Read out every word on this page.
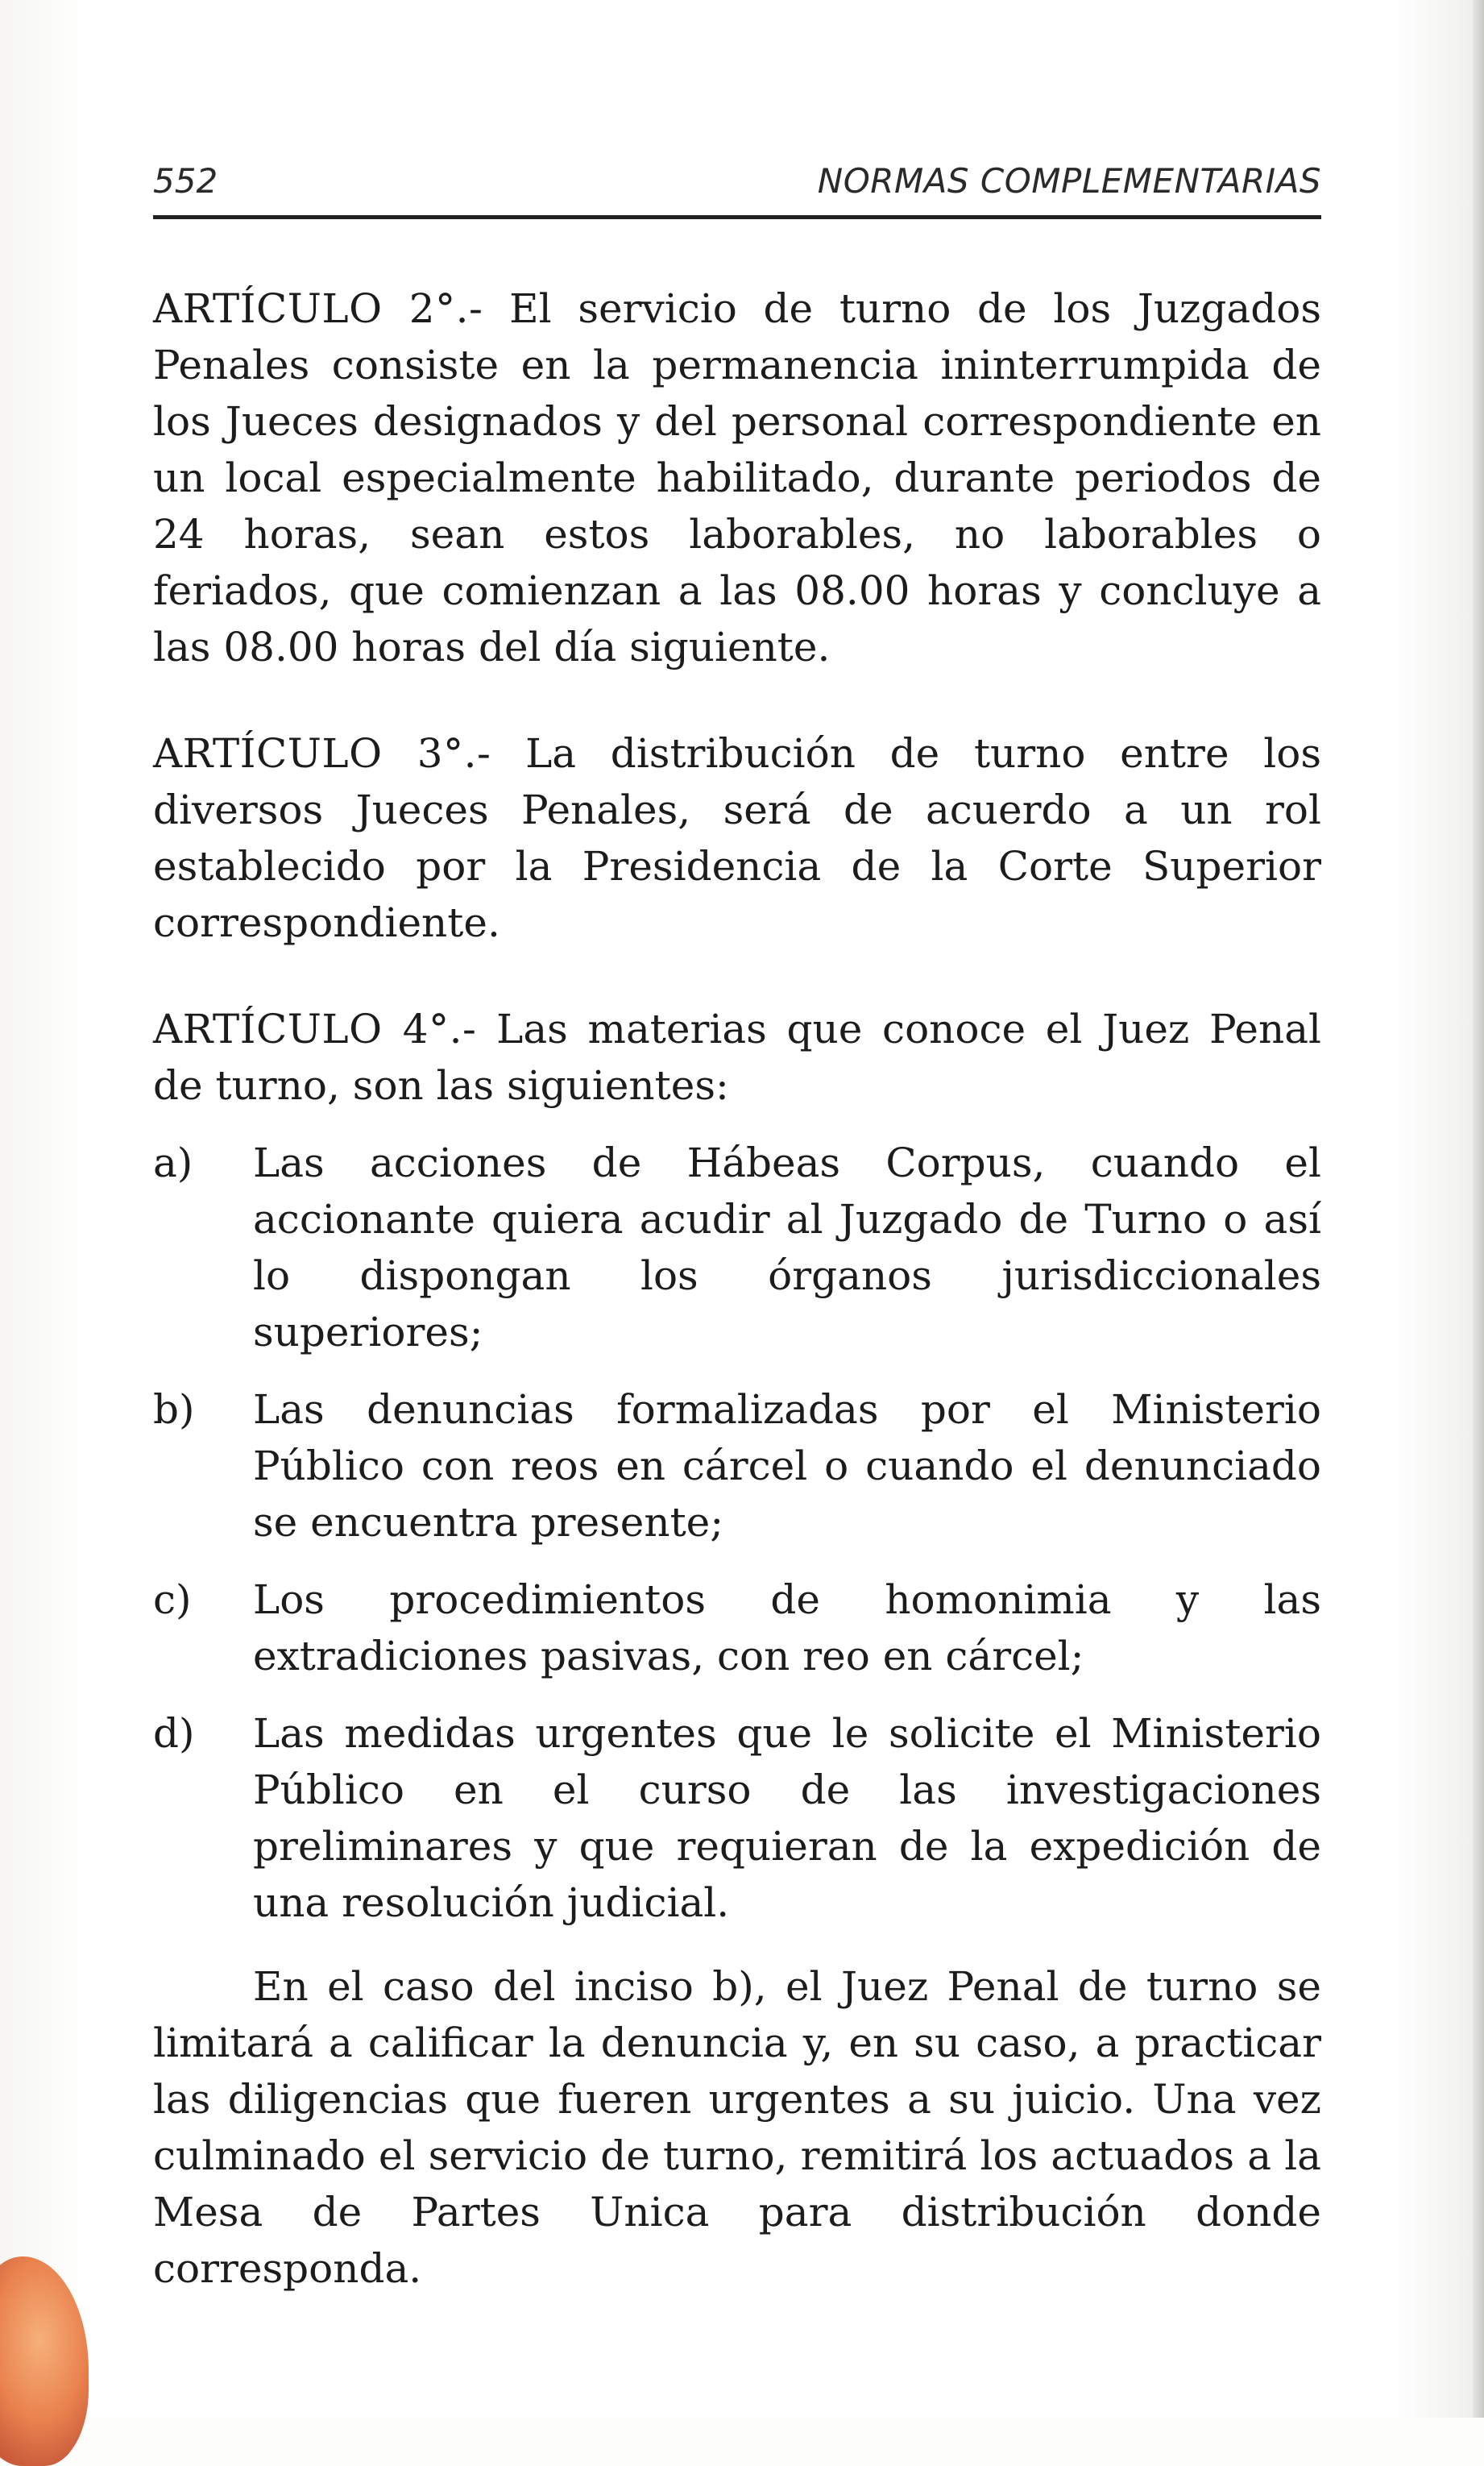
552	NORMAS COMPLEMENTARIAS

ARTÍCULO 2°.- El servicio de turno de los Juzgados Penales consiste en la permanencia ininterrumpida de los Jueces designados y del personal correspondiente en un local especialmente habilitado, durante periodos de 24 horas, sean estos laborables, no laborables o feriados, que comienzan a las 08.00 horas y concluye a las 08.00 horas del día siguiente.

ARTÍCULO 3°.- La distribución de turno entre los diversos Jueces Penales, será de acuerdo a un rol establecido por la Presidencia de la Corte Superior correspondiente.

ARTÍCULO 4°.- Las materias que conoce el Juez Penal de turno, son las siguientes:

a) Las acciones de Hábeas Corpus, cuando el accionante quiera acudir al Juzgado de Turno o así lo dispongan los órganos jurisdiccionales superiores;
b) Las denuncias formalizadas por el Ministerio Público con reos en cárcel o cuando el denunciado se encuentra presente;
c) Los procedimientos de homonimia y las extradiciones pasivas, con reo en cárcel;
d) Las medidas urgentes que le solicite el Ministerio Público en el curso de las investigaciones preliminares y que requieran de la expedición de una resolución judicial.

En el caso del inciso b), el Juez Penal de turno se limitará a calificar la denuncia y, en su caso, a practicar las diligencias que fueren urgentes a su juicio. Una vez culminado el servicio de turno, remitirá los actuados a la Mesa de Partes Unica para distribución donde corresponda.
